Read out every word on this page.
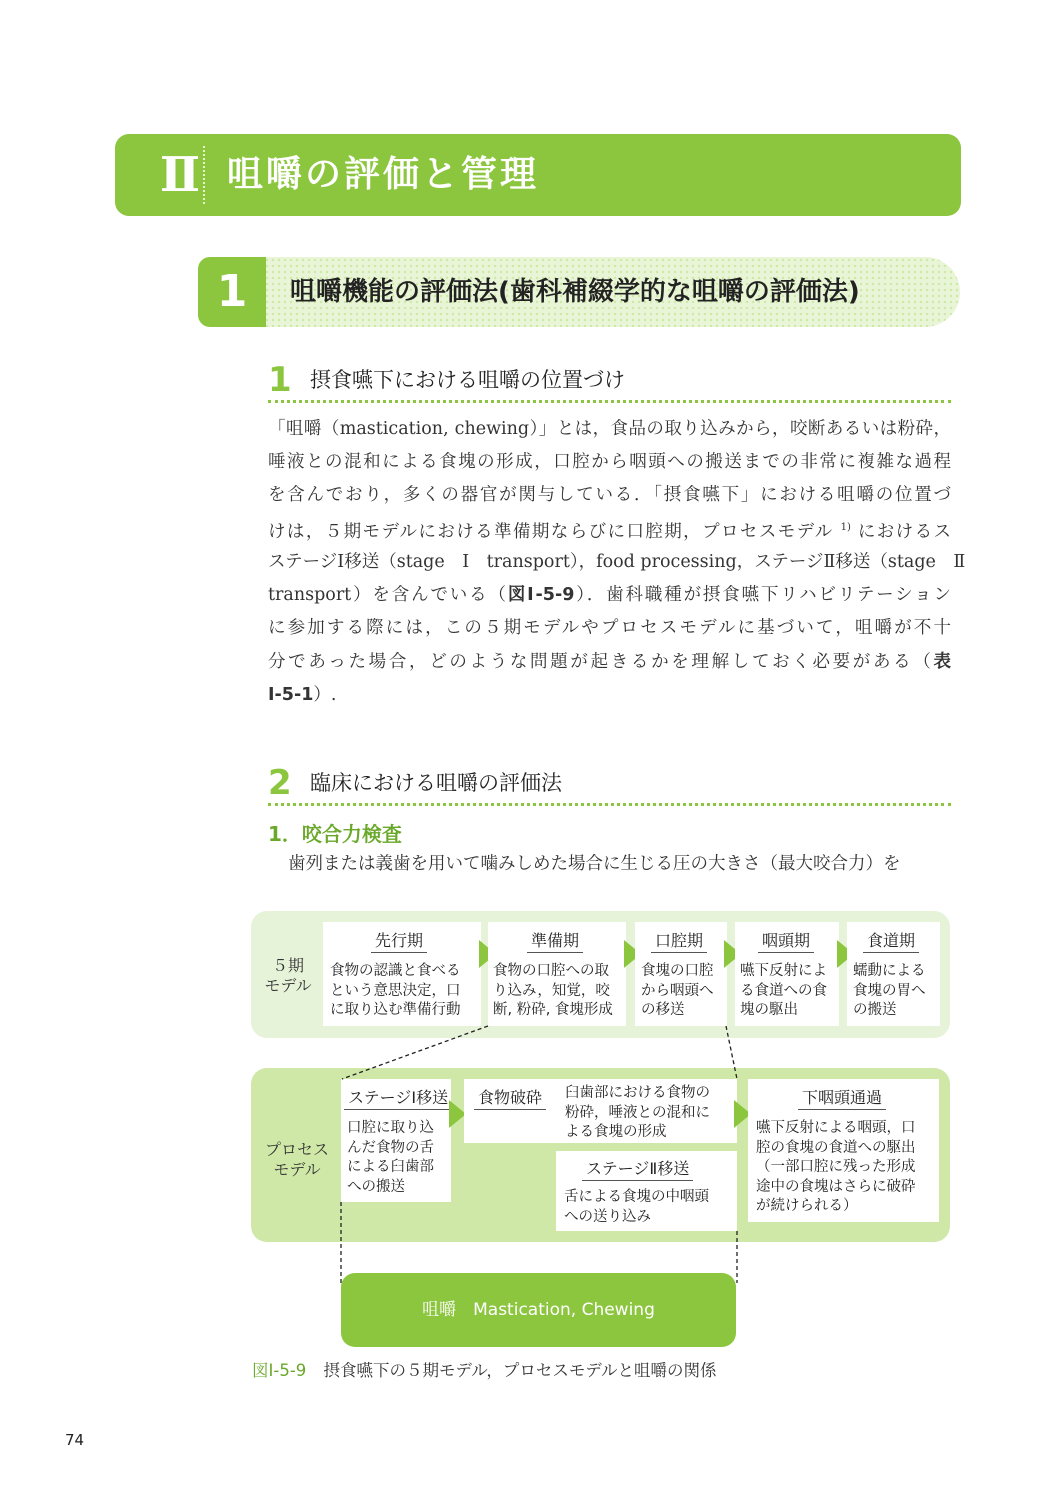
Ⅱ 咀嚼の評価と管理
1	咀嚼機能の評価法(歯科補綴学的な咀嚼の評価法)
1 摂食嚥下における咀嚼の位置づけ
「咀嚼（mastication, chewing）」とは，食品の取り込みから，咬断あるいは粉砕，
唾液との混和による食塊の形成，口腔から咽頭への搬送までの非常に複雑な過程
を含んでおり，多くの器官が関与している．「摂食嚥下」における咀嚼の位置づ
けは，５期モデルにおける準備期ならびに口腔期，プロセスモデル $^{1)}$ におけるス
ステージⅠ移送（stage　Ⅰ　transport），food processing，ステージⅡ移送（stage　Ⅱ
transport）を含んでいる（図Ⅰ-5-9）．歯科職種が摂食嚥下リハビリテーション
に参加する際には，この５期モデルやプロセスモデルに基づいて，咀嚼が不十
分であった場合，どのような問題が起きるかを理解しておく必要がある（表
Ⅰ-5-1）.
2 臨床における咀嚼の評価法
1．咬合力検査
歯列または義歯を用いて噛みしめた場合に生じる圧の大きさ（最大咬合力）を
５期
モデル
先行期
食物の認識と食べる
という意思決定，口
に取り込む準備行動
準備期
食物の口腔への取
り込み，知覚，咬
断, 粉砕, 食塊形成
口腔期
食塊の口腔
から咽頭へ
の移送
咽頭期
嚥下反射によ
る食道への食
塊の駆出
食道期
蠕動による
食塊の胃へ
の搬送
プロセス
モデル
ステージⅠ移送
口腔に取り込
んだ食物の舌
による臼歯部
への搬送
食物破砕 臼歯部における食物の
粉砕，唾液との混和に
よる食塊の形成
ステージⅡ移送
舌による食塊の中咽頭
への送り込み
下咽頭通過
嚥下反射による咽頭，口
腔の食塊の食道への駆出
（一部口腔に残った形成
途中の食塊はさらに破砕
が続けられる）
咀嚼　Mastication, Chewing
図Ⅰ-5-9 摂食嚥下の５期モデル，プロセスモデルと咀嚼の関係
74
